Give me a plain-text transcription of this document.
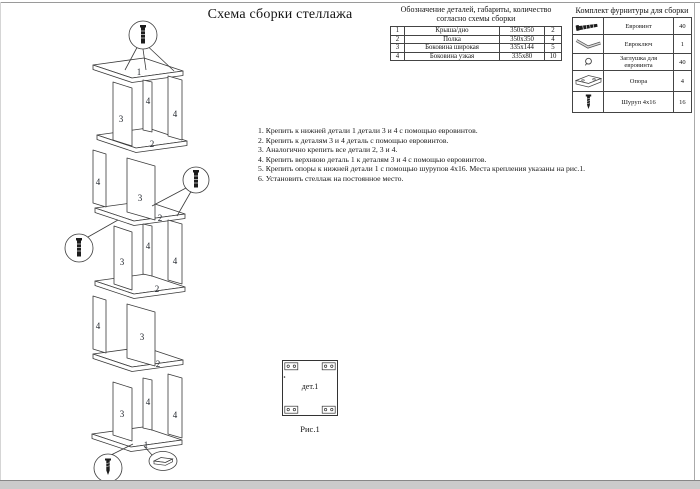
Схема сборки стеллажа	Обозначение деталей, габариты, количество
согласно схемы сборки
1	Крыша/дно	350х350	2
2	Полка	350х350	4
3	Боковина широкая	335х144	5
4	Боковина узкая	335х80	10
Комплект фурнитуры для сборки
	Евровинт	40

	Евроключ	1

	Заглушка для евровинта	40

	Опора	4

	Шуруп 4х16	16
1. Крепить к нижней детали 1 детали 3 и 4 с помощью евровинтов.
2. Крепить к деталям 3 и 4 деталь с помощью евровинтов.
3. Аналогично крепить все детали 2, 3 и 4.
4. Крепить верхнюю деталь 1 к деталям 3 и 4 с помощью евровинтов.
5. Крепить опоры к нижней детали 1 с помощью шурупов 4х16. Места крепления указаны на рис.1.
6. Установить стеллаж на постоянное место.
дет.1
Рис.1
1
3
4
4
2
4
3
2
3
4
4
2
4
3
2
3
4
4
1
